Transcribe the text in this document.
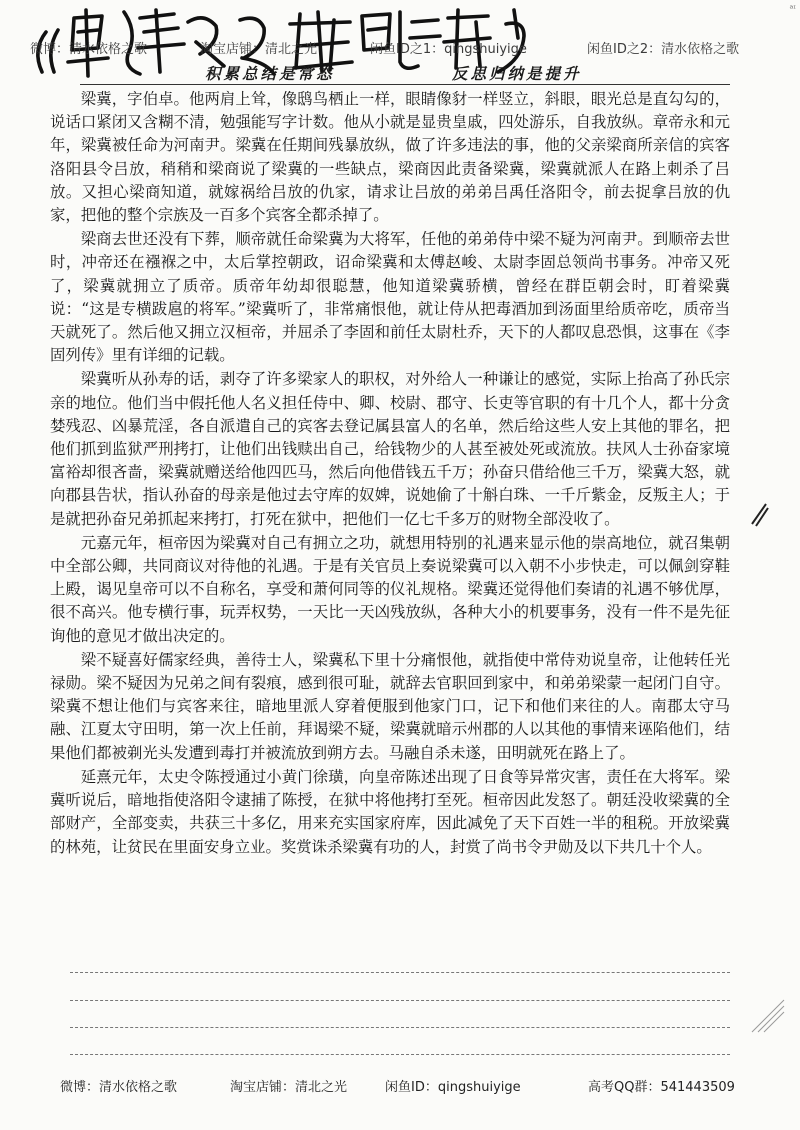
微博：清水依格之歌	淘宝店铺：清北之光	闲鱼ID之1：qingshuiyige	闲鱼ID之2：清水依格之歌
积累总结是常态	反思归纳是提升

梁冀，字伯卓。他两肩上耸，像鸱鸟栖止一样，眼睛像豺一样竖立，斜眼，眼光总是直勾勾的，说话口紧闭又含糊不清，勉强能写字计数。他从小就是显贵皇戚，四处游乐，自我放纵。章帝永和元年，梁冀被任命为河南尹。梁冀在任期间残暴放纵，做了许多违法的事，他的父亲梁商所亲信的宾客洛阳县令吕放，稍稍和梁商说了梁冀的一些缺点，梁商因此责备梁冀，梁冀就派人在路上刺杀了吕放。又担心梁商知道，就嫁祸给吕放的仇家，请求让吕放的弟弟吕禹任洛阳令，前去捉拿吕放的仇家，把他的整个宗族及一百多个宾客全都杀掉了。

梁商去世还没有下葬，顺帝就任命梁冀为大将军，任他的弟弟侍中梁不疑为河南尹。到顺帝去世时，冲帝还在襁褓之中，太后掌控朝政，诏命梁冀和太傅赵峻、太尉李固总领尚书事务。冲帝又死了，梁冀就拥立了质帝。质帝年幼却很聪慧，他知道梁冀骄横，曾经在群臣朝会时，盯着梁冀说：“这是专横跋扈的将军。”梁冀听了，非常痛恨他，就让侍从把毒酒加到汤面里给质帝吃，质帝当天就死了。然后他又拥立汉桓帝，并屈杀了李固和前任太尉杜乔，天下的人都叹息恐惧，这事在《李固列传》里有详细的记载。

梁冀听从孙寿的话，剥夺了许多梁家人的职权，对外给人一种谦让的感觉，实际上抬高了孙氏宗亲的地位。他们当中假托他人名义担任侍中、卿、校尉、郡守、长吏等官职的有十几个人，都十分贪婪残忍、凶暴荒淫，各自派遣自己的宾客去登记属县富人的名单，然后给这些人安上其他的罪名，把他们抓到监狱严刑拷打，让他们出钱赎出自己，给钱物少的人甚至被处死或流放。扶风人士孙奋家境富裕却很吝啬，梁冀就赠送给他四匹马，然后向他借钱五千万；孙奋只借给他三千万，梁冀大怒，就向郡县告状，指认孙奋的母亲是他过去守库的奴婢，说她偷了十斛白珠、一千斤紫金，反叛主人；于是就把孙奋兄弟抓起来拷打，打死在狱中，把他们一亿七千多万的财物全部没收了。

元嘉元年，桓帝因为梁冀对自己有拥立之功，就想用特别的礼遇来显示他的崇高地位，就召集朝中全部公卿，共同商议对待他的礼遇。于是有关官员上奏说梁冀可以入朝不小步快走，可以佩剑穿鞋上殿，谒见皇帝可以不自称名，享受和萧何同等的仪礼规格。梁冀还觉得他们奏请的礼遇不够优厚，很不高兴。他专横行事，玩弄权势，一天比一天凶残放纵，各种大小的机要事务，没有一件不是先征询他的意见才做出决定的。

梁不疑喜好儒家经典，善待士人，梁冀私下里十分痛恨他，就指使中常侍劝说皇帝，让他转任光禄勋。梁不疑因为兄弟之间有裂痕，感到很可耻，就辞去官职回到家中，和弟弟梁蒙一起闭门自守。梁冀不想让他们与宾客来往，暗地里派人穿着便服到他家门口，记下和他们来往的人。南郡太守马融、江夏太守田明，第一次上任前，拜谒梁不疑，梁冀就暗示州郡的人以其他的事情来诬陷他们，结果他们都被剃光头发遭到毒打并被流放到朔方去。马融自杀未遂，田明就死在路上了。

延熹元年，太史令陈授通过小黄门徐璜，向皇帝陈述出现了日食等异常灾害，责任在大将军。梁冀听说后，暗地指使洛阳令逮捕了陈授，在狱中将他拷打至死。桓帝因此发怒了。朝廷没收梁冀的全部财产，全部变卖，共获三十多亿，用来充实国家府库，因此减免了天下百姓一半的租税。开放梁冀的林苑，让贫民在里面安身立业。奖赏诛杀梁冀有功的人，封赏了尚书令尹勋及以下共几十个人。

微博：清水依格之歌	淘宝店铺：清北之光	闲鱼ID：qingshuiyige	高考QQ群：541443509
ᵃᶦ
